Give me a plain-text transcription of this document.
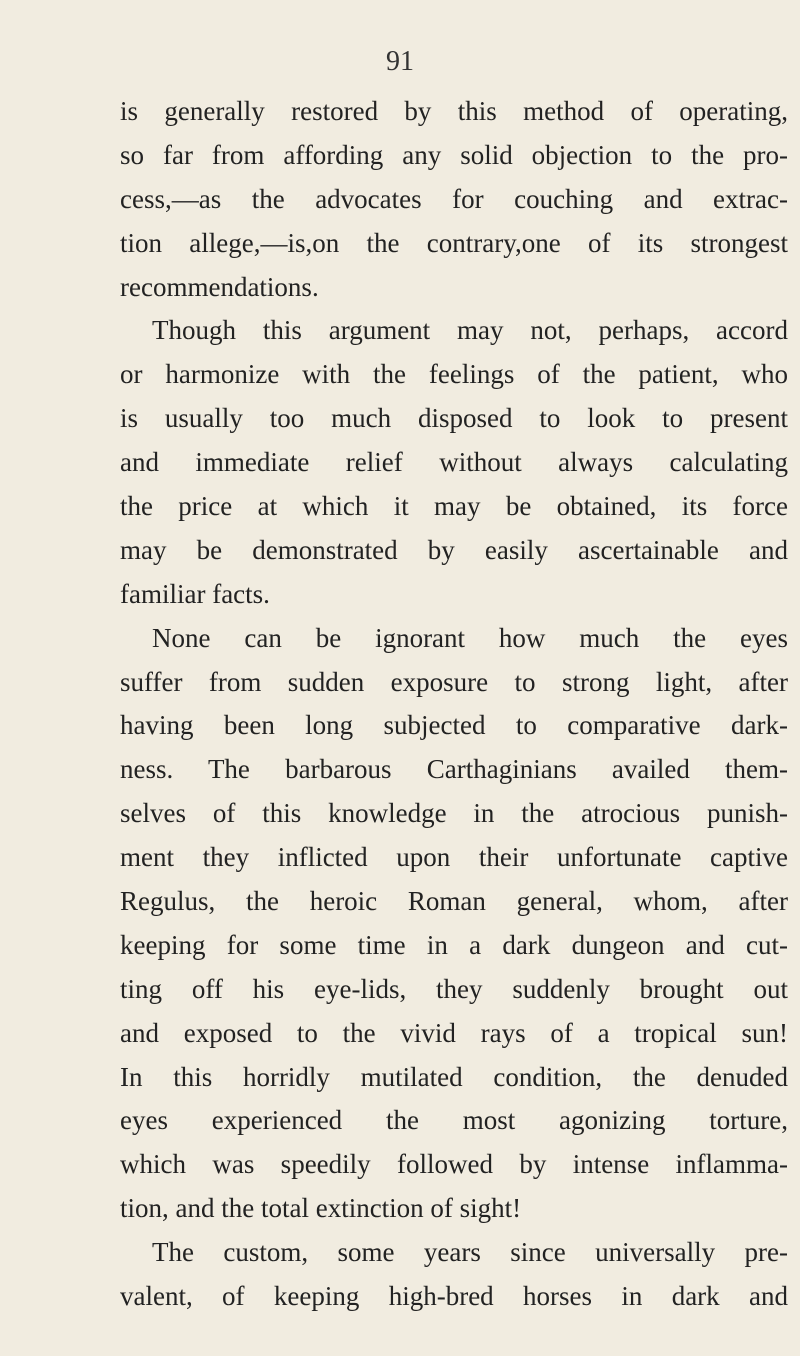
91
is generally restored by this method of operating,
so far from affording any solid objection to the pro-
cess,—as the advocates for couching and extrac-
tion allege,—is,on the contrary,one of its strongest
recommendations.
Though this argument may not, perhaps, accord
or harmonize with the feelings of the patient, who
is usually too much disposed to look to present
and immediate relief without always calculating
the price at which it may be obtained, its force
may be demonstrated by easily ascertainable and
familiar facts.
None can be ignorant how much the eyes
suffer from sudden exposure to strong light, after
having been long subjected to comparative dark-
ness. The barbarous Carthaginians availed them-
selves of this knowledge in the atrocious punish-
ment they inflicted upon their unfortunate captive
Regulus, the heroic Roman general, whom, after
keeping for some time in a dark dungeon and cut-
ting off his eye-lids, they suddenly brought out
and exposed to the vivid rays of a tropical sun!
In this horridly mutilated condition, the denuded
eyes experienced the most agonizing torture,
which was speedily followed by intense inflamma-
tion, and the total extinction of sight!
The custom, some years since universally pre-
valent, of keeping high-bred horses in dark and
